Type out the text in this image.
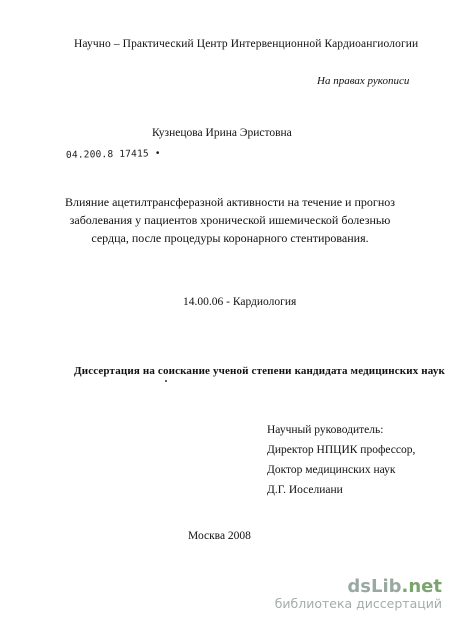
Научно – Практический Центр Интервенционной Кардиоангиологии
На правах рукописи
Кузнецова Ирина Эристовна
04.200.8 17415 •
Влияние ацетилтрансферазной активности на течение и прогноз
заболевания у пациентов хронической ишемической болезнью
сердца, после процедуры коронарного стентирования.
14.00.06 - Кардиология
Диссертация на соискание ученой степени кандидата медицинских наук
Научный руководитель:
Директор НПЦИК профессор,
Доктор медицинских наук
Д.Г. Иоселиани
Москва 2008
dsLib.net
библиотека диссертаций
